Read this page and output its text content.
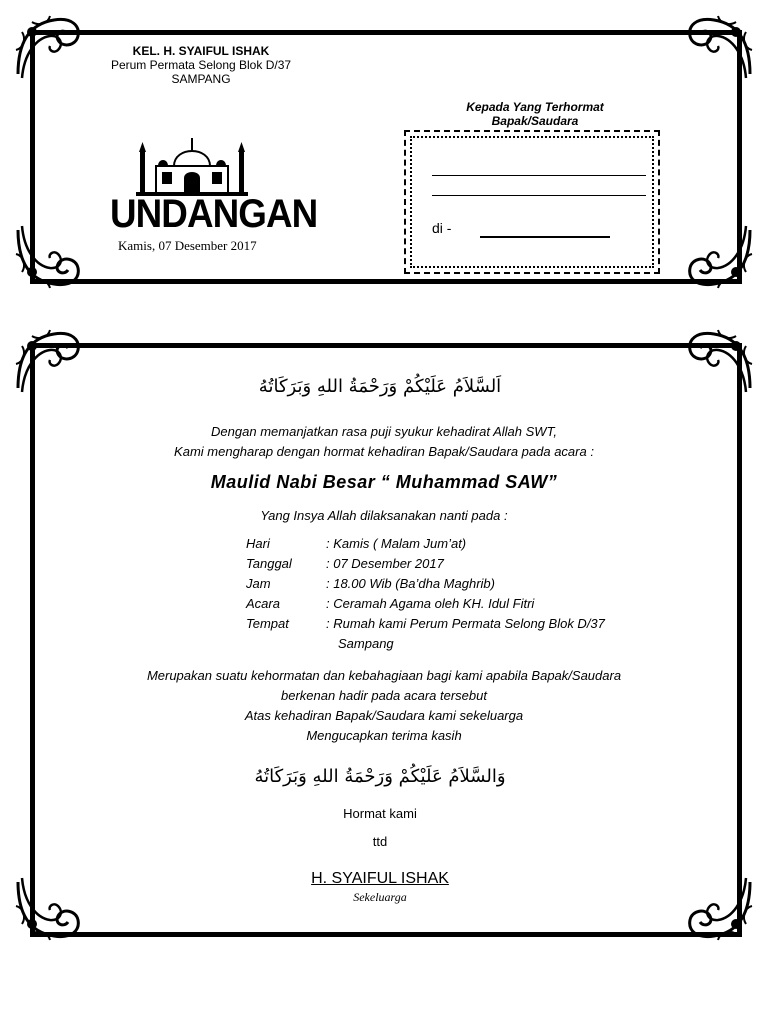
KEL. H. SYAIFUL ISHAK
Perum Permata Selong Blok D/37
SAMPANG
UNDANGAN
Kamis, 07 Desember 2017
Kepada Yang Terhormat
Bapak/Saudara
di -
اَلسَّلاَمُ عَلَيْكُمْ وَرَحْمَةُ اللهِ وَبَرَكَاتُهُ
Dengan memanjatkan rasa puji syukur kehadirat Allah SWT,
Kami mengharap dengan hormat kehadiran Bapak/Saudara pada acara :
Maulid Nabi Besar “ Muhammad SAW”
Yang Insya Allah dilaksanakan nanti pada :
Hari	: Kamis ( Malam Jum’at)
Tanggal	: 07 Desember 2017
Jam	: 18.00 Wib (Ba’dha Maghrib)
Acara	: Ceramah Agama oleh KH. Idul Fitri
Tempat	: Rumah kami Perum Permata Selong Blok D/37
Sampang
Merupakan suatu kehormatan dan kebahagiaan bagi kami apabila Bapak/Saudara
berkenan hadir pada acara tersebut
Atas kehadiran Bapak/Saudara kami sekeluarga
Mengucapkan terima kasih
وَالسَّلاَمُ عَلَيْكُمْ وَرَحْمَةُ اللهِ وَبَرَكَاتُهُ
Hormat kami
ttd
H. SYAIFUL ISHAK
Sekeluarga
